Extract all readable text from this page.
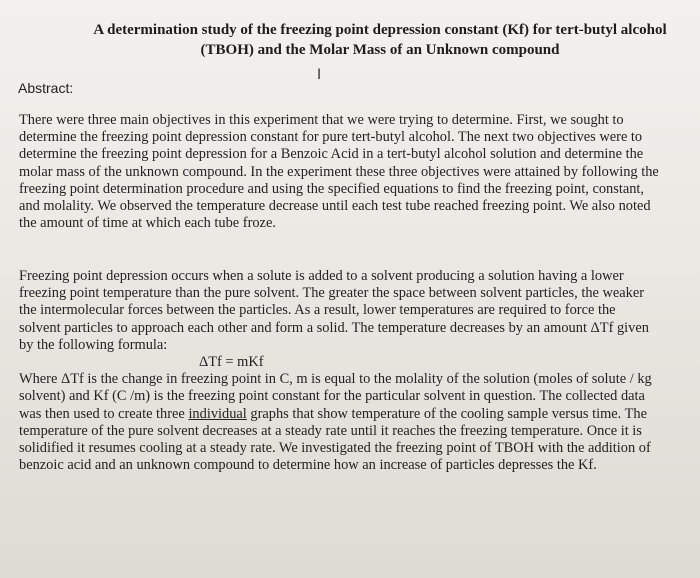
A determination study of the freezing point depression constant (Kf) for tert-butyl alcohol
(TBOH) and the Molar Mass of an Unknown compound
I
Abstract:

There were three main objectives in this experiment that we were trying to determine. First, we sought to determine the freezing point depression constant for pure tert-butyl alcohol. The next two objectives were to determine the freezing point depression for a Benzoic Acid in a tert-butyl alcohol solution and determine the molar mass of the unknown compound. In the experiment these three objectives were attained by following the freezing point determination procedure and using the specified equations to find the freezing point, constant, and molality. We observed the temperature decrease until each test tube reached freezing point. We also noted the amount of time at which each tube froze.

Freezing point depression occurs when a solute is added to a solvent producing a solution having a lower freezing point temperature than the pure solvent. The greater the space between solvent particles, the weaker the intermolecular forces between the particles. As a result, lower temperatures are required to force the solvent particles to approach each other and form a solid. The temperature decreases by an amount ΔTf given by the following formula:
ΔTf = mKf
Where ΔTf is the change in freezing point in C, m is equal to the molality of the solution (moles of solute / kg solvent) and Kf (C /m) is the freezing point constant for the particular solvent in question. The collected data was then used to create three individual graphs that show temperature of the cooling sample versus time. The temperature of the pure solvent decreases at a steady rate until it reaches the freezing temperature. Once it is solidified it resumes cooling at a steady rate. We investigated the freezing point of TBOH with the addition of benzoic acid and an unknown compound to determine how an increase of particles depresses the Kf.
